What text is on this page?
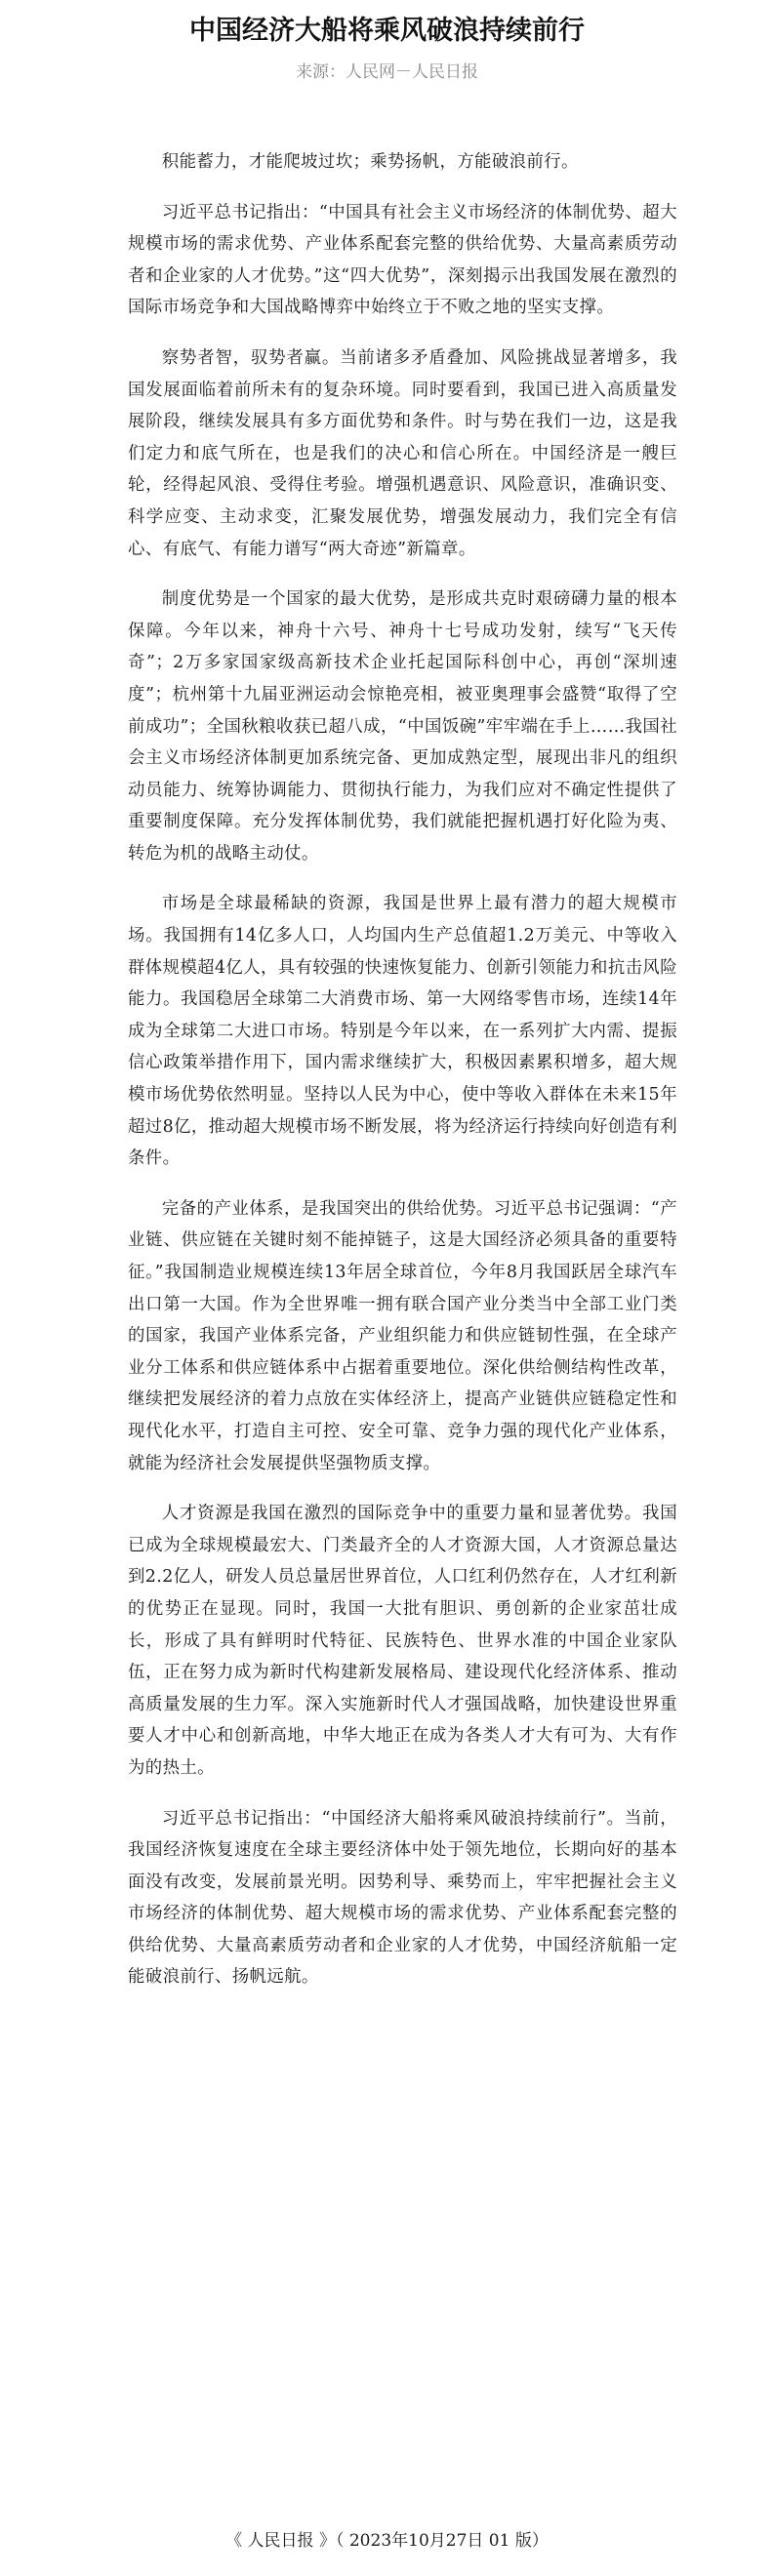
中国经济大船将乘风破浪持续前行
来源：人民网－人民日报

积能蓄力，才能爬坡过坎；乘势扬帆，方能破浪前行。

习近平总书记指出：“中国具有社会主义市场经济的体制优势、超大规模市场的需求优势、产业体系配套完整的供给优势、大量高素质劳动者和企业家的人才优势。”这“四大优势”，深刻揭示出我国发展在激烈的国际市场竞争和大国战略博弈中始终立于不败之地的坚实支撑。

察势者智，驭势者赢。当前诸多矛盾叠加、风险挑战显著增多，我国发展面临着前所未有的复杂环境。同时要看到，我国已进入高质量发展阶段，继续发展具有多方面优势和条件。时与势在我们一边，这是我们定力和底气所在，也是我们的决心和信心所在。中国经济是一艘巨轮，经得起风浪、受得住考验。增强机遇意识、风险意识，准确识变、科学应变、主动求变，汇聚发展优势，增强发展动力，我们完全有信心、有底气、有能力谱写“两大奇迹”新篇章。

制度优势是一个国家的最大优势，是形成共克时艰磅礴力量的根本保障。今年以来，神舟十六号、神舟十七号成功发射，续写“飞天传奇”；2万多家国家级高新技术企业托起国际科创中心，再创“深圳速度”；杭州第十九届亚洲运动会惊艳亮相，被亚奥理事会盛赞“取得了空前成功”；全国秋粮收获已超八成，“中国饭碗”牢牢端在手上……我国社会主义市场经济体制更加系统完备、更加成熟定型，展现出非凡的组织动员能力、统筹协调能力、贯彻执行能力，为我们应对不确定性提供了重要制度保障。充分发挥体制优势，我们就能把握机遇打好化险为夷、转危为机的战略主动仗。

市场是全球最稀缺的资源，我国是世界上最有潜力的超大规模市场。我国拥有14亿多人口，人均国内生产总值超1.2万美元、中等收入群体规模超4亿人，具有较强的快速恢复能力、创新引领能力和抗击风险能力。我国稳居全球第二大消费市场、第一大网络零售市场，连续14年成为全球第二大进口市场。特别是今年以来，在一系列扩大内需、提振信心政策举措作用下，国内需求继续扩大，积极因素累积增多，超大规模市场优势依然明显。坚持以人民为中心，使中等收入群体在未来15年超过8亿，推动超大规模市场不断发展，将为经济运行持续向好创造有利条件。

完备的产业体系，是我国突出的供给优势。习近平总书记强调：“产业链、供应链在关键时刻不能掉链子，这是大国经济必须具备的重要特征。”我国制造业规模连续13年居全球首位，今年8月我国跃居全球汽车出口第一大国。作为全世界唯一拥有联合国产业分类当中全部工业门类的国家，我国产业体系完备，产业组织能力和供应链韧性强，在全球产业分工体系和供应链体系中占据着重要地位。深化供给侧结构性改革，继续把发展经济的着力点放在实体经济上，提高产业链供应链稳定性和现代化水平，打造自主可控、安全可靠、竞争力强的现代化产业体系，就能为经济社会发展提供坚强物质支撑。

人才资源是我国在激烈的国际竞争中的重要力量和显著优势。我国已成为全球规模最宏大、门类最齐全的人才资源大国，人才资源总量达到2.2亿人，研发人员总量居世界首位，人口红利仍然存在，人才红利新的优势正在显现。同时，我国一大批有胆识、勇创新的企业家茁壮成长，形成了具有鲜明时代特征、民族特色、世界水准的中国企业家队伍，正在努力成为新时代构建新发展格局、建设现代化经济体系、推动高质量发展的生力军。深入实施新时代人才强国战略，加快建设世界重要人才中心和创新高地，中华大地正在成为各类人才大有可为、大有作为的热土。

习近平总书记指出：“中国经济大船将乘风破浪持续前行”。当前，我国经济恢复速度在全球主要经济体中处于领先地位，长期向好的基本面没有改变，发展前景光明。因势利导、乘势而上，牢牢把握社会主义市场经济的体制优势、超大规模市场的需求优势、产业体系配套完整的供给优势、大量高素质劳动者和企业家的人才优势，中国经济航船一定能破浪前行、扬帆远航。

《 人民日报 》（ 2023年10月27日 01 版）
